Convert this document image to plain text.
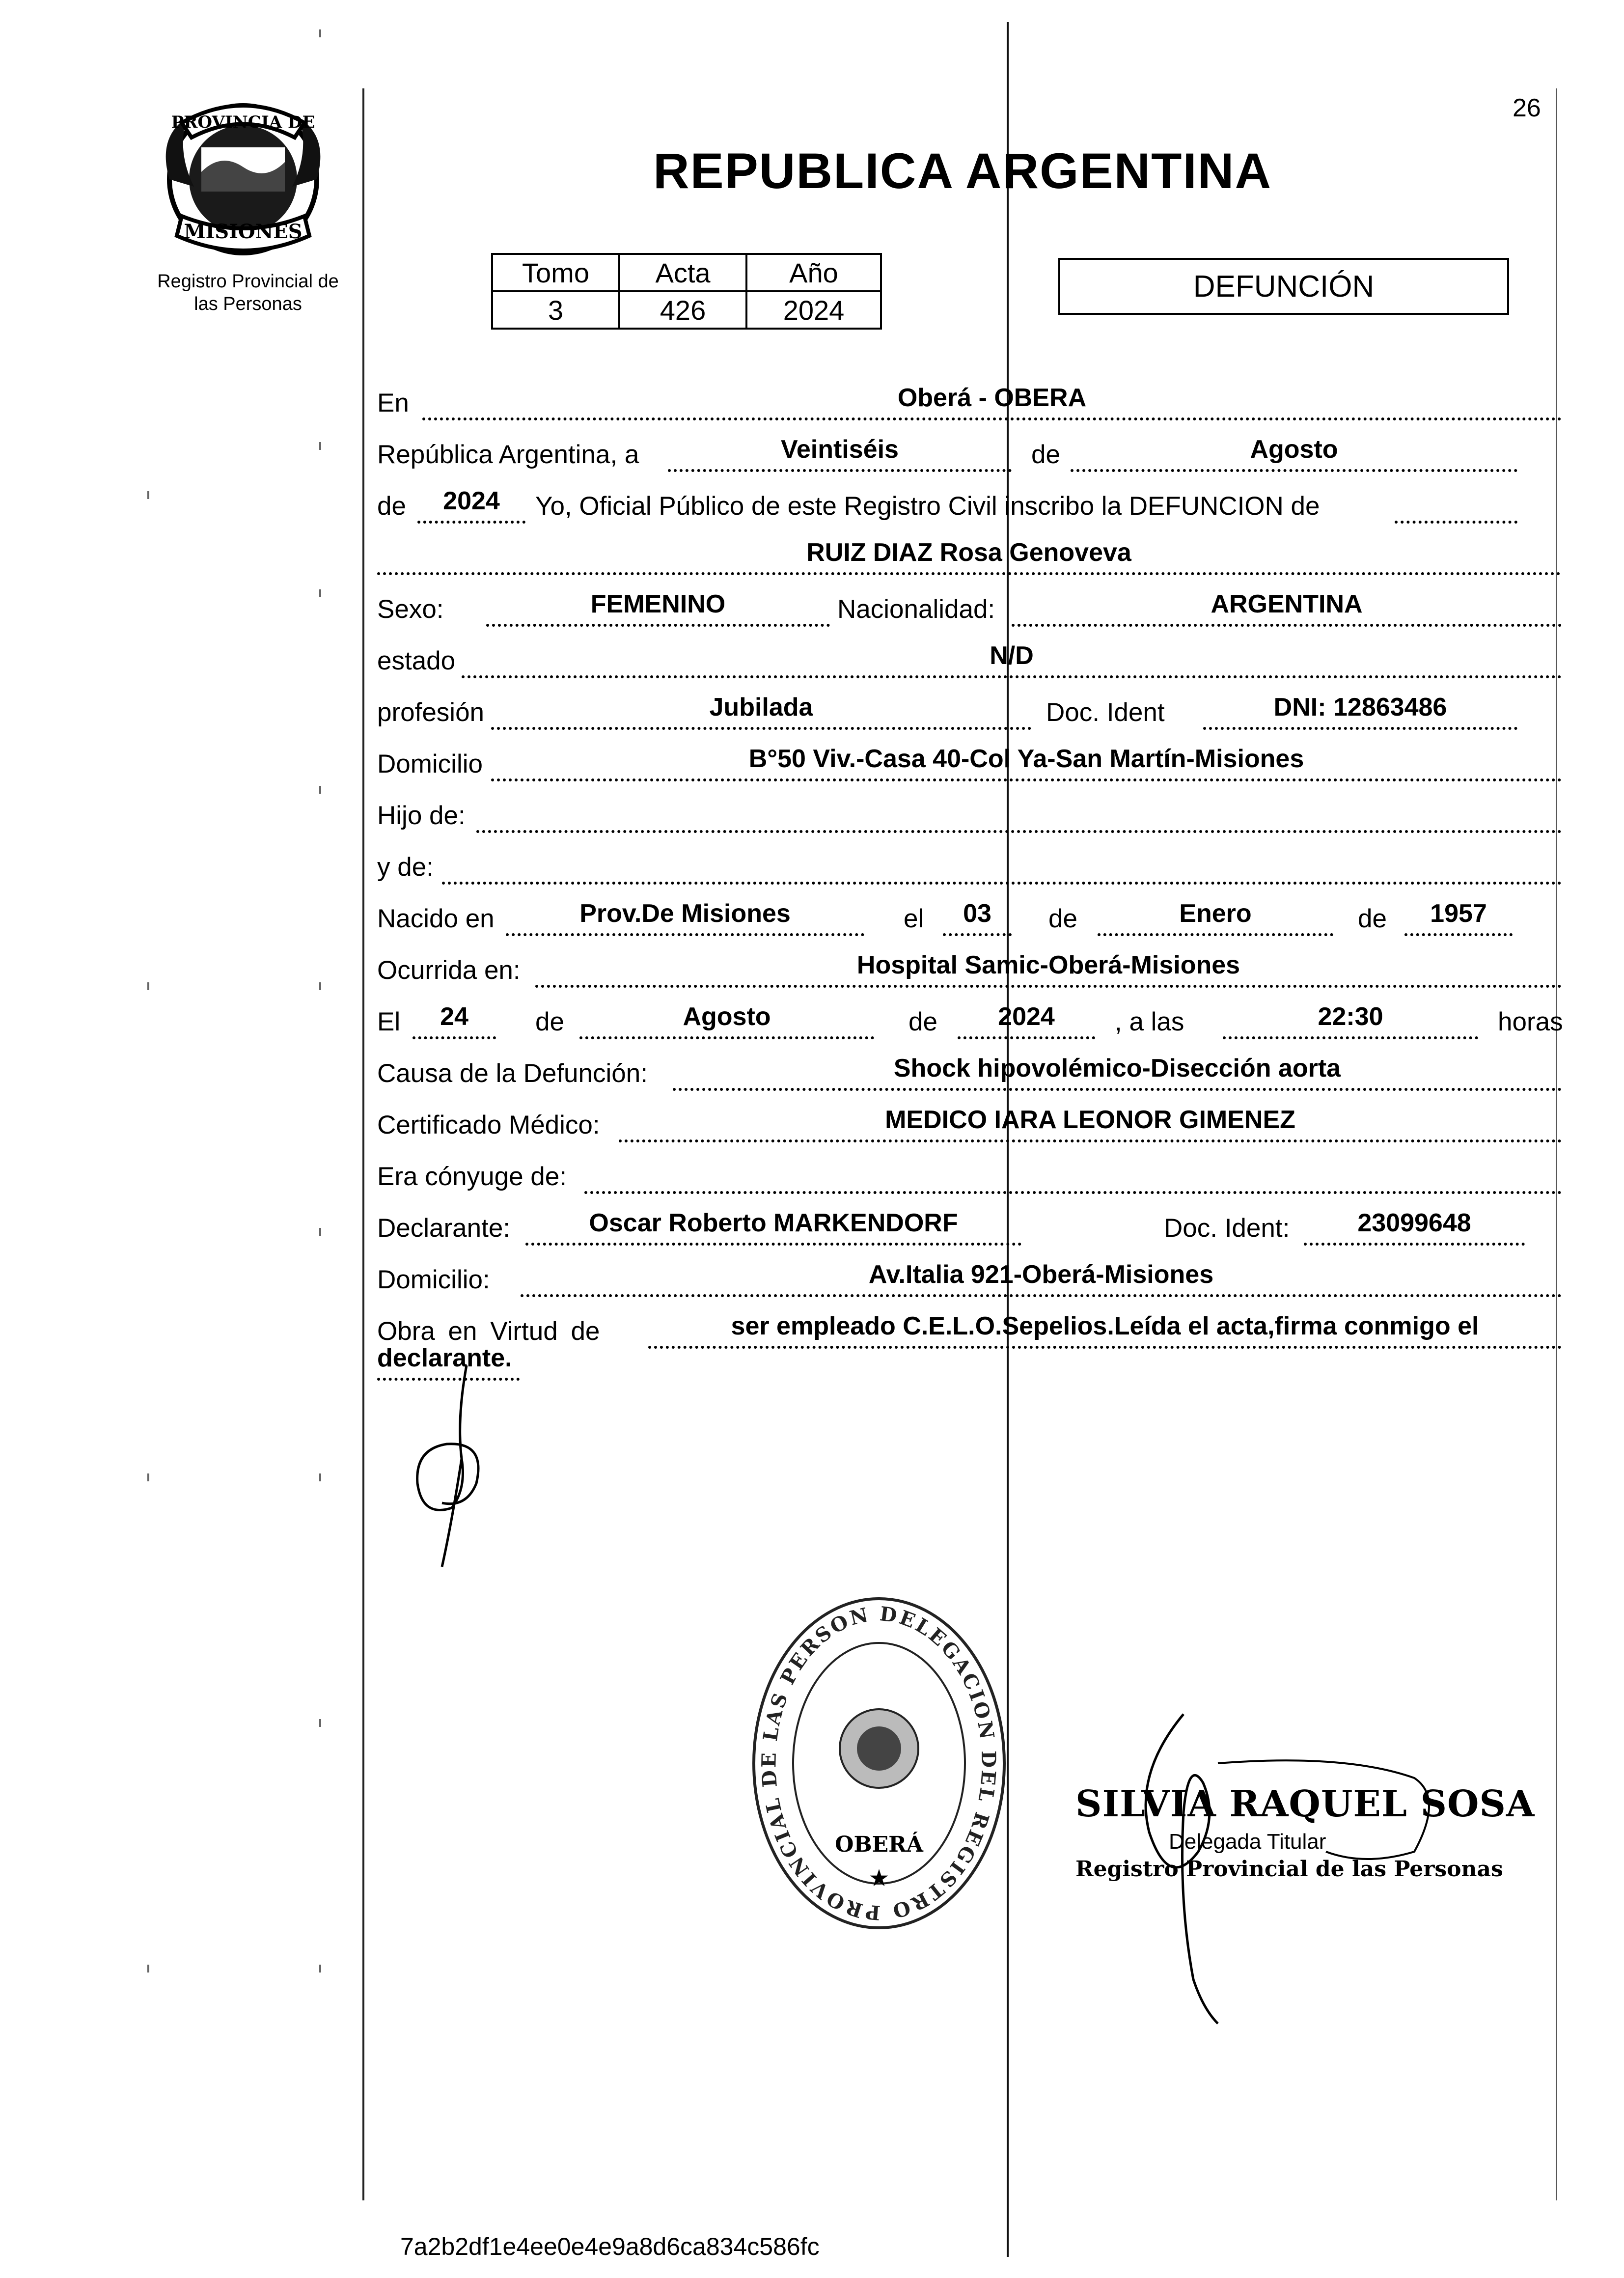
PROVINCIA DE
MISIONES
Registro Provincial de
las Personas
26
REPUBLICA ARGENTINA
Tomo	Acta	Año
3	426	2024
DEFUNCIÓN
En	Oberá - OBERA
República Argentina, a	Veintiséis	de	Agosto
de	2024	Yo, Oficial Público de este Registro Civil inscribo la DEFUNCION de
RUIZ DIAZ Rosa Genoveva
Sexo:	FEMENINO	Nacionalidad:	ARGENTINA
estado	N/D
profesión	Jubilada	Doc. Ident	DNI: 12863486
Domicilio	B°50 Viv.-Casa 40-Col Ya-San Martín-Misiones
Hijo de:
y de:
Nacido en	Prov.De Misiones	el	03	de	Enero	de	1957
Ocurrida en:	Hospital Samic-Oberá-Misiones
El	24	de	Agosto	de	2024	, a las	22:30	horas
Causa de la Defunción:	Shock hipovolémico-Disección aorta
Certificado Médico:	MEDICO IARA LEONOR GIMENEZ
Era cónyuge de:
Declarante:	Oscar Roberto MARKENDORF	Doc. Ident:	23099648
Domicilio:	Av.Italia 921-Oberá-Misiones
Obra en Virtud de	ser empleado C.E.L.O.Sepelios.Leída el acta,firma conmigo el
declarante.
DELEGACION DEL REGISTRO PROVINCIAL DE LAS PERSON
OBERÁ
★
SILVIA RAQUEL SOSA
Delegada Titular
Registro Provincial de las Personas
7a2b2df1e4ee0e4e9a8d6ca834c586fc
